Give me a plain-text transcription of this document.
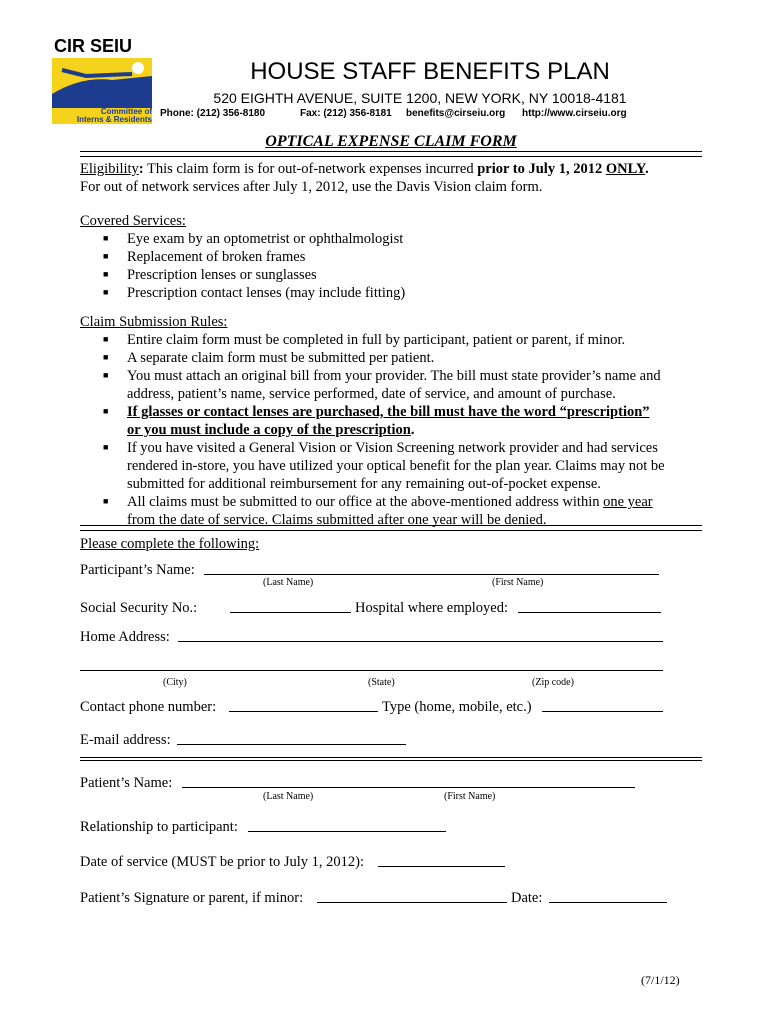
CIR SEIU
Committee of
Interns & Residents
HOUSE STAFF BENEFITS PLAN
520 EIGHTH AVENUE, SUITE 1200, NEW YORK, NY 10018-4181
Phone: (212) 356-8180	Fax: (212) 356-8181 benefits@cirseiu.org http://www.cirseiu.org
OPTICAL EXPENSE CLAIM FORM
Eligibility: This claim form is for out-of-network expenses incurred prior to July 1, 2012 ONLY.
For out of network services after July 1, 2012, use the Davis Vision claim form.
Covered Services:
■ Eye exam by an optometrist or ophthalmologist
■ Replacement of broken frames
■ Prescription lenses or sunglasses
■ Prescription contact lenses (may include fitting)
Claim Submission Rules:
■ Entire claim form must be completed in full by participant, patient or parent, if minor.
■ A separate claim form must be submitted per patient.
■ You must attach an original bill from your provider. The bill must state provider’s name and
address, patient’s name, service performed, date of service, and amount of purchase.
■ If glasses or contact lenses are purchased, the bill must have the word “prescription”
or you must include a copy of the prescription.
■ If you have visited a General Vision or Vision Screening network provider and had services
rendered in-store, you have utilized your optical benefit for the plan year. Claims may not be
submitted for additional reimbursement for any remaining out-of-pocket expense.
■ All claims must be submitted to our office at the above-mentioned address within one year
from the date of service. Claims submitted after one year will be denied.
Please complete the following:
Participant’s Name:
(Last Name)	(First Name)
Social Security No.:	Hospital where employed:
Home Address:
(City)	(State)	(Zip code)
Contact phone number:	Type (home, mobile, etc.)
E-mail address:
Patient’s Name:
(Last Name)	(First Name)
Relationship to participant:
Date of service (MUST be prior to July 1, 2012):
Patient’s Signature or parent, if minor:	Date:
(7/1/12)
